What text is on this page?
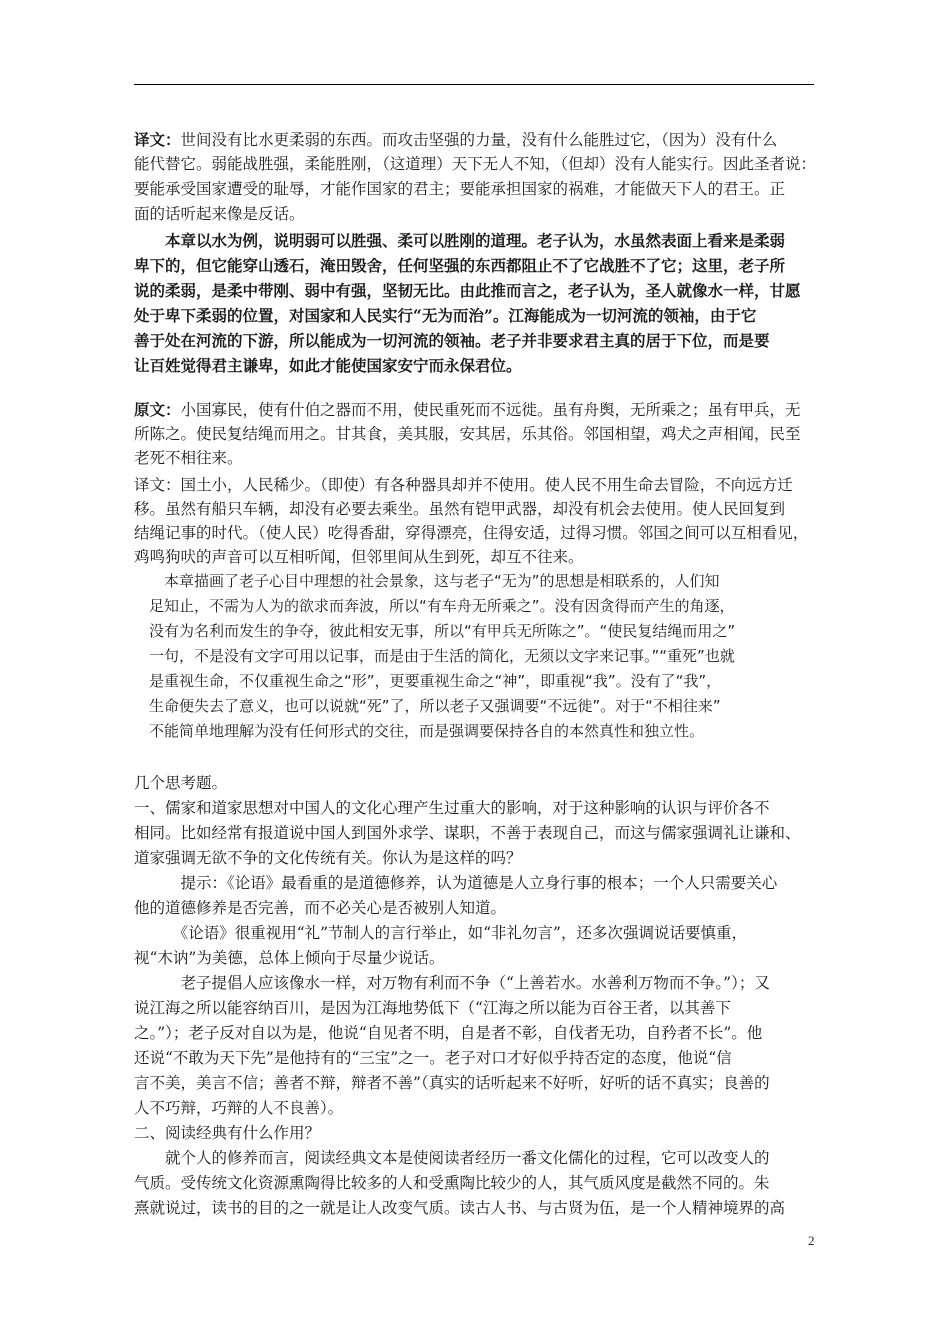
译文：世间没有比水更柔弱的东西。而攻击坚强的力量，没有什么能胜过它，（因为）没有什么

能代替它。弱能战胜强，柔能胜刚，（这道理）天下无人不知，（但却）没有人能实行。因此圣者说：

要能承受国家遭受的耻辱，才能作国家的君主；要能承担国家的祸难，才能做天下人的君王。正

面的话听起来像是反话。

　　本章以水为例，说明弱可以胜强、柔可以胜刚的道理。老子认为，水虽然表面上看来是柔弱

卑下的，但它能穿山透石，淹田毁舍，任何坚强的东西都阻止不了它战胜不了它；这里，老子所

说的柔弱，是柔中带刚、弱中有强，坚韧无比。由此推而言之，老子认为，圣人就像水一样，甘愿

处于卑下柔弱的位置，对国家和人民实行“无为而治”。江海能成为一切河流的领袖，由于它

善于处在河流的下游，所以能成为一切河流的领袖。老子并非要求君主真的居于下位，而是要

让百姓觉得君主谦卑，如此才能使国家安宁而永保君位。

原文：小国寡民，使有什伯之器而不用，使民重死而不远徙。虽有舟舆，无所乘之；虽有甲兵，无

所陈之。使民复结绳而用之。甘其食，美其服，安其居，乐其俗。邻国相望，鸡犬之声相闻，民至

老死不相往来。

译文：国土小，人民稀少。（即使）有各种器具却并不使用。使人民不用生命去冒险，不向远方迁

移。虽然有船只车辆，却没有必要去乘坐。虽然有铠甲武器，却没有机会去使用。使人民回复到

结绳记事的时代。（使人民）吃得香甜，穿得漂亮，住得安适，过得习惯。邻国之间可以互相看见，

鸡鸣狗吠的声音可以互相听闻，但邻里间从生到死，却互不往来。

　　本章描画了老子心目中理想的社会景象，这与老子“无为”的思想是相联系的，人们知

　足知止，不需为人为的欲求而奔波，所以“有车舟无所乘之”。没有因贪得而产生的角逐，

　没有为名利而发生的争夺，彼此相安无事，所以“有甲兵无所陈之”。“使民复结绳而用之”

　一句，不是没有文字可用以记事，而是由于生活的简化，无须以文字来记事。”“重死”也就

　是重视生命，不仅重视生命之“形”，更要重视生命之“神”，即重视“我”。没有了“我”，

　生命便失去了意义，也可以说就“死”了，所以老子又强调要“不远徙”。对于“不相往来”

　不能简单地理解为没有任何形式的交往，而是强调要保持各自的本然真性和独立性。

几个思考题。

一、儒家和道家思想对中国人的文化心理产生过重大的影响，对于这种影响的认识与评价各不

相同。比如经常有报道说中国人到国外求学、谋职，不善于表现自己，而这与儒家强调礼让谦和、

道家强调无欲不争的文化传统有关。你认为是这样的吗？

　　　提示：《论语》最看重的是道德修养，认为道德是人立身行事的根本；一个人只需要关心

他的道德修养是否完善，而不必关心是否被别人知道。

　　　《论语》很重视用“礼”节制人的言行举止，如“非礼勿言”，还多次强调说话要慎重，

视“木讷”为美德，总体上倾向于尽量少说话。

　　　老子提倡人应该像水一样，对万物有利而不争（“上善若水。水善利万物而不争。”）；又

说江海之所以能容纳百川，是因为江海地势低下（“江海之所以能为百谷王者，以其善下

之。”）；老子反对自以为是，他说“自见者不明，自是者不彰，自伐者无功，自矜者不长”。他

还说“不敢为天下先”是他持有的“三宝”之一。老子对口才好似乎持否定的态度，他说“信

言不美，美言不信；善者不辩，辩者不善”（真实的话听起来不好听，好听的话不真实；良善的

人不巧辩，巧辩的人不良善）。

二、阅读经典有什么作用？

　　就个人的修养而言，阅读经典文本是使阅读者经历一番文化儒化的过程，它可以改变人的

气质。受传统文化资源熏陶得比较多的人和受熏陶比较少的人，其气质风度是截然不同的。朱

熹就说过，读书的目的之一就是让人改变气质。读古人书、与古贤为伍，是一个人精神境界的高

2
